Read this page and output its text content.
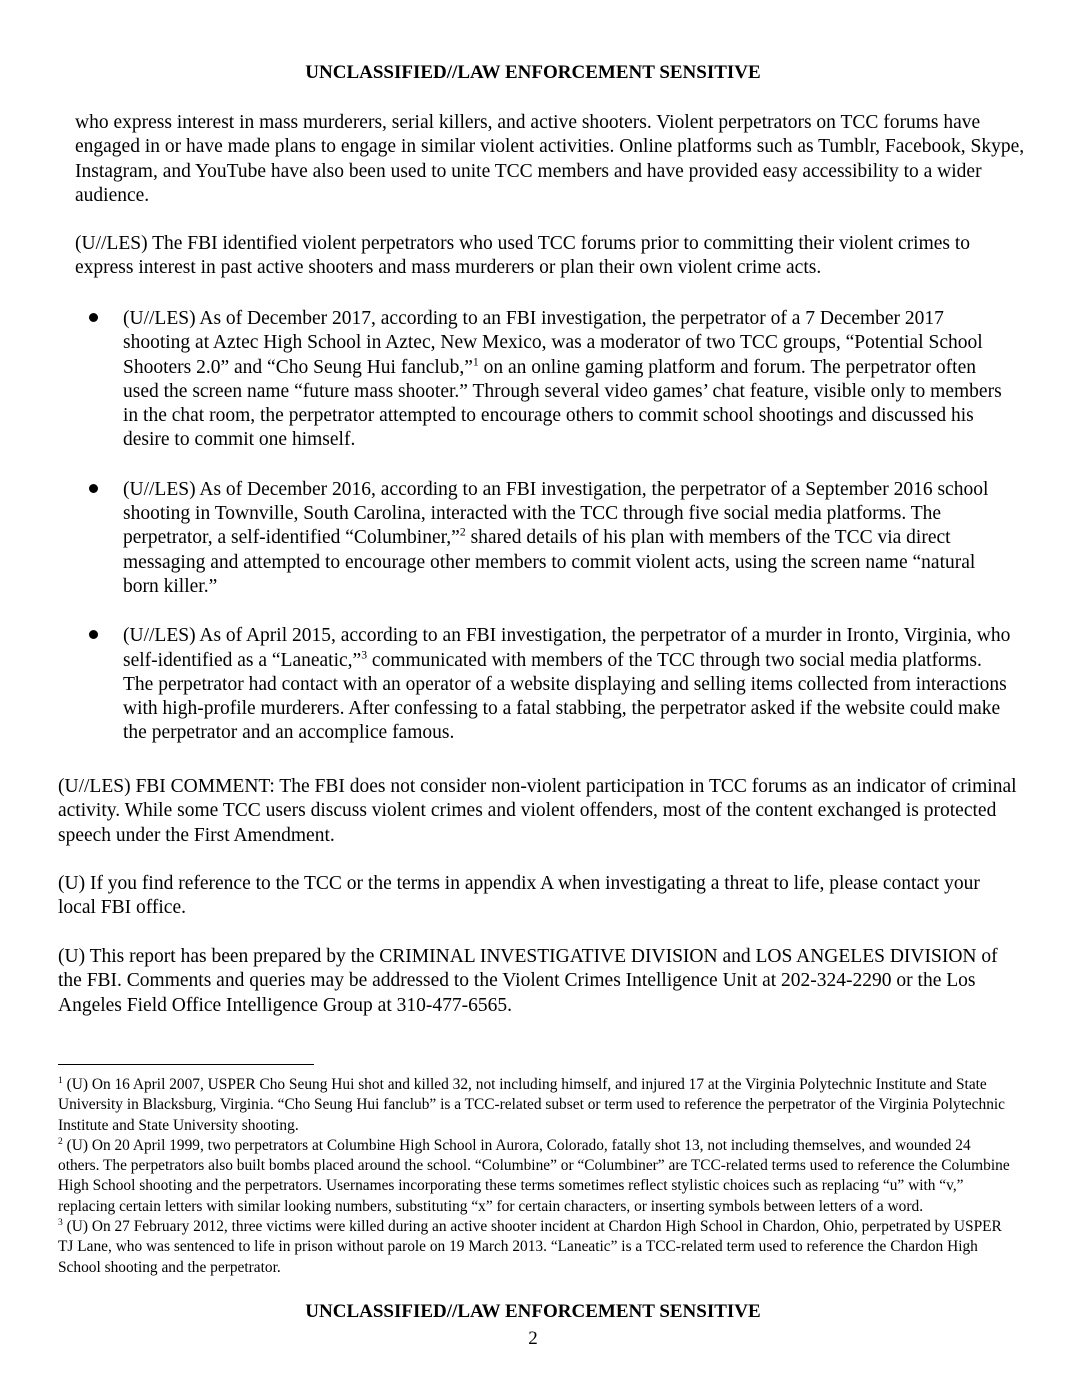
UNCLASSIFIED//LAW ENFORCEMENT SENSITIVE

who express interest in mass murderers, serial killers, and active shooters. Violent perpetrators on TCC forums have engaged in or have made plans to engage in similar violent activities. Online platforms such as Tumblr, Facebook, Skype, Instagram, and YouTube have also been used to unite TCC members and have provided easy accessibility to a wider audience.

(U//LES) The FBI identified violent perpetrators who used TCC forums prior to committing their violent crimes to express interest in past active shooters and mass murderers or plan their own violent crime acts.

(U//LES) As of December 2017, according to an FBI investigation, the perpetrator of a 7 December 2017 shooting at Aztec High School in Aztec, New Mexico, was a moderator of two TCC groups, “Potential School Shooters 2.0” and “Cho Seung Hui fanclub,”$^1$ on an online gaming platform and forum. The perpetrator often used the screen name “future mass shooter.” Through several video games’ chat feature, visible only to members in the chat room, the perpetrator attempted to encourage others to commit school shootings and discussed his desire to commit one himself.
(U//LES) As of December 2016, according to an FBI investigation, the perpetrator of a September 2016 school shooting in Townville, South Carolina, interacted with the TCC through five social media platforms. The perpetrator, a self-identified “Columbiner,”$^2$ shared details of his plan with members of the TCC via direct messaging and attempted to encourage other members to commit violent acts, using the screen name “natural born killer.”
(U//LES) As of April 2015, according to an FBI investigation, the perpetrator of a murder in Ironto, Virginia, who self-identified as a “Laneatic,”$^3$ communicated with members of the TCC through two social media platforms. The perpetrator had contact with an operator of a website displaying and selling items collected from interactions with high-profile murderers. After confessing to a fatal stabbing, the perpetrator asked if the website could make the perpetrator and an accomplice famous.

(U//LES) FBI COMMENT: The FBI does not consider non-violent participation in TCC forums as an indicator of criminal activity. While some TCC users discuss violent crimes and violent offenders, most of the content exchanged is protected speech under the First Amendment.

(U) If you find reference to the TCC or the terms in appendix A when investigating a threat to life, please contact your local FBI office.

(U) This report has been prepared by the CRIMINAL INVESTIGATIVE DIVISION and LOS ANGELES DIVISION of the FBI. Comments and queries may be addressed to the Violent Crimes Intelligence Unit at 202-324-2290 or the Los Angeles Field Office Intelligence Group at 310-477-6565.

$^1$ (U) On 16 April 2007, USPER Cho Seung Hui shot and killed 32, not including himself, and injured 17 at the Virginia Polytechnic Institute and State University in Blacksburg, Virginia. “Cho Seung Hui fanclub” is a TCC-related subset or term used to reference the perpetrator of the Virginia Polytechnic Institute and State University shooting.

$^2$ (U) On 20 April 1999, two perpetrators at Columbine High School in Aurora, Colorado, fatally shot 13, not including themselves, and wounded 24 others. The perpetrators also built bombs placed around the school. “Columbine” or “Columbiner” are TCC-related terms used to reference the Columbine High School shooting and the perpetrators. Usernames incorporating these terms sometimes reflect stylistic choices such as replacing “u” with “v,” replacing certain letters with similar looking numbers, substituting “x” for certain characters, or inserting symbols between letters of a word.

$^3$ (U) On 27 February 2012, three victims were killed during an active shooter incident at Chardon High School in Chardon, Ohio, perpetrated by USPER TJ Lane, who was sentenced to life in prison without parole on 19 March 2013. “Laneatic” is a TCC-related term used to reference the Chardon High School shooting and the perpetrator.

UNCLASSIFIED//LAW ENFORCEMENT SENSITIVE
2
